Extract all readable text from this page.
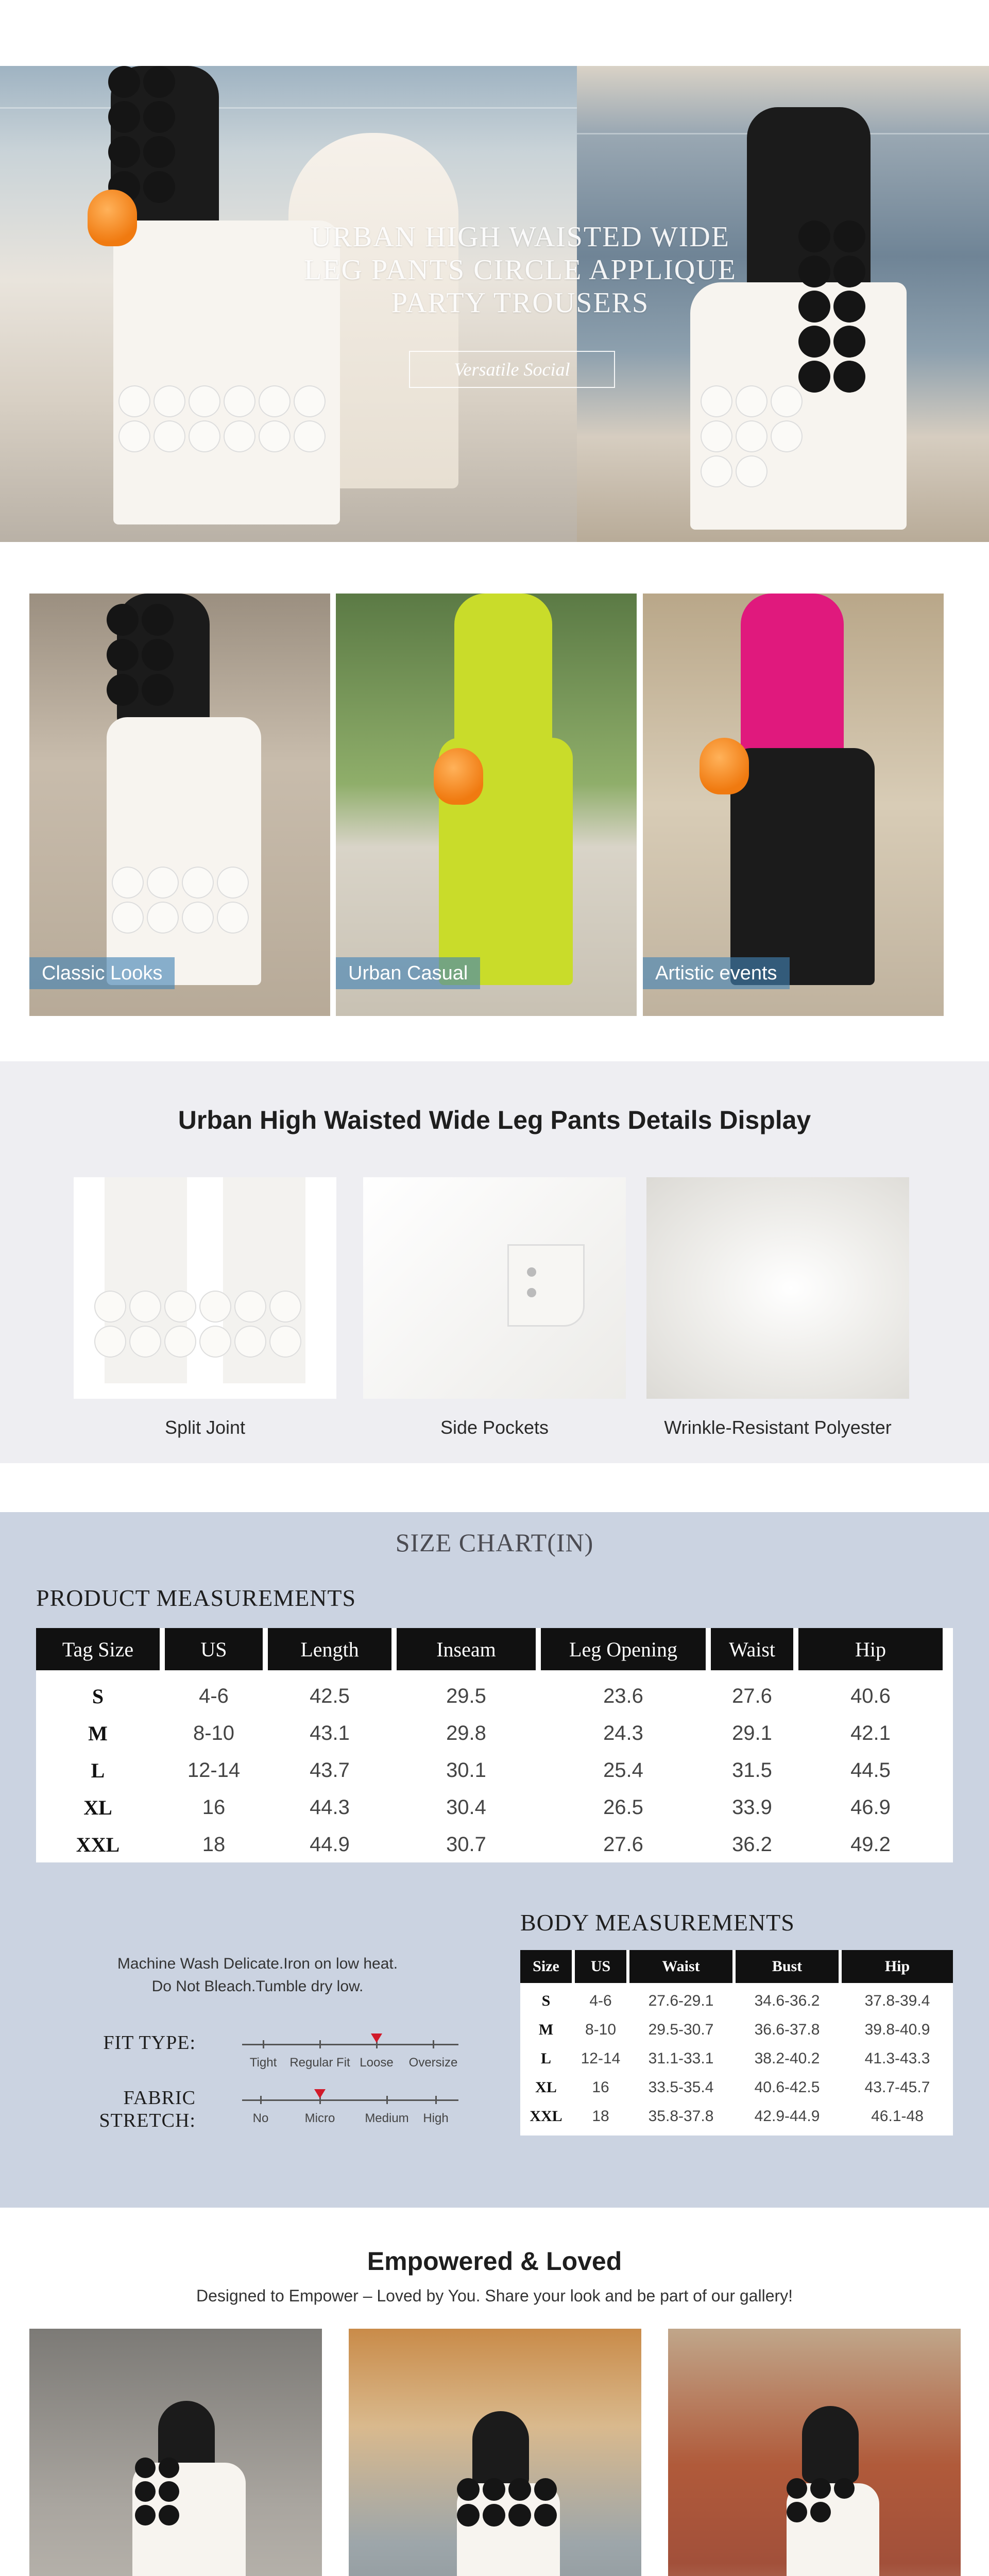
URBAN HIGH WAISTED WIDE LEG PANTS CIRCLE APPLIQUE PARTY TROUSERS
Versatile Social
Classic Looks	Urban Casual	Artistic events
Urban High Waisted Wide Leg Pants Details Display
Split Joint	Side Pockets	Wrinkle-Resistant Polyester
SIZE CHART(IN)
PRODUCT MEASUREMENTS
Tag Size	US	Length	Inseam	Leg Opening	Waist	Hip
S	4-6	42.5	29.5	23.6	27.6	40.6
M	8-10	43.1	29.8	24.3	29.1	42.1
L	12-14	43.7	30.1	25.4	31.5	44.5
XL	16	44.3	30.4	26.5	33.9	46.9
XXL	18	44.9	30.7	27.6	36.2	49.2
Machine Wash Delicate.Iron on low heat.
Do Not Bleach.Tumble dry low.
FIT TYPE:
Tight	Regular Fit Loose	Oversize
FABRIC STRETCH:	No	Micro	Medium	High
BODY MEASUREMENTS
Size	US	Waist	Bust	Hip
S	4-6	27.6-29.1	34.6-36.2	37.8-39.4
M	8-10	29.5-30.7	36.6-37.8	39.8-40.9
L	12-14	31.1-33.1	38.2-40.2	41.3-43.3
XL	16	33.5-35.4	40.6-42.5	43.7-45.7
XXL	18	35.8-37.8	42.9-44.9	46.1-48
Empowered & Loved
Designed to Empower – Loved by You. Share your look and be part of our gallery!
